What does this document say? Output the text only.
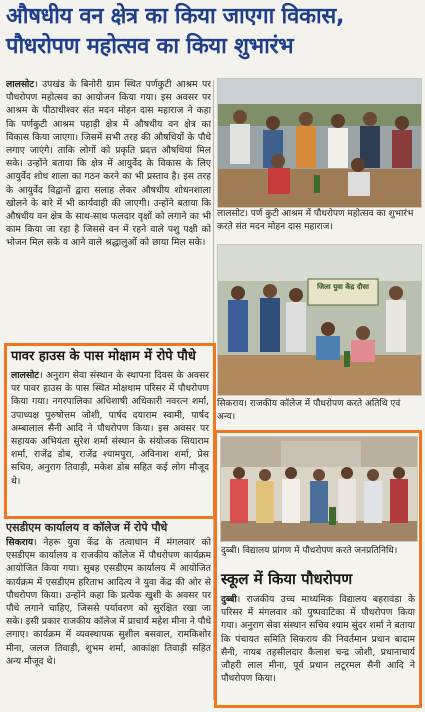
औषधीय वन क्षेत्र का किया जाएगा विकास,
पौधरोपण महोत्सव का किया शुभारंभ
लालसोट। उपखंड के बिनोरी ग्राम स्थित पर्णकुटी आश्रम पर पौधरोपण महोत्सव का आयोजन किया गया। इस अवसर पर आश्रम के पीठाधीश्वर संत मदन मोहन दास महाराज ने कहा कि पर्णकुटी आश्रम पहाड़ी क्षेत्र में औषधीय वन क्षेत्र का विकास किया जाएगा। जिसमें सभी तरह की औषधियों के पौधे लगाए जाएंगे। ताकि लोगों को प्रकृति प्रदत्त औषधियां मिल सके। उन्होंने बताया कि क्षेत्र में आयुर्वेद के विकास के लिए आयुर्वेद शोध शाला का गठन करने का भी प्रस्ताव है। इस तरह के आयुर्वेद विद्वानों द्वारा सलाह लेकर औषधीय शोधनशाला खोलने के बारे में भी कार्यवाही की जाएगी। उन्होंने बताया कि औषधीय वन क्षेत्र के साथ-साथ फलदार वृक्षों को लगाने का भी काम किया जा रहा है जिससे वन में रहने वाले पशु पक्षी को भोजन मिल सके व आने वाले श्रद्धालुओं को छाया मिल सके।
लालसोट। पर्ण कुटी आश्रम में पौधरोपण महोत्सव का शुभारंभ करते संत मदन मोहन दास महाराज।
जिला युवा केंद्र दौसा
सिकराय। राजकीय कॉलेज में पौधरोपण करते अतिथि एवं अन्य।
पावर हाउस के पास मोक्षाम में रोपे पौधे
लालसोट। अनुराग सेवा संस्थान के स्थापना दिवस के अवसर पर पावर हाउस के पास स्थित मोक्षधाम परिसर में पौधरोपण किया गया। नगरपालिका अधिशाषी अधिकारी नवरत्न शर्मा, उपाध्यक्ष पुरुषोत्तम जोशी, पार्षद दयाराम स्वामी, पार्षद अम्बालाल सैनी आदि ने पौधरोपण किया। इस अवसर पर सहायक अभियंता सुरेश शर्मा संस्थान के संयोजक सियाराम शर्मा, राजेंद्र डोब, राजेंद्र श्यामपुरा, अविनाश शर्मा, प्रेस सचिव, अनुराग तिवाड़ी, मकेश डोब सहित कई लोग मौजूद थे।
एसडीएम कार्यालय व कॉलेज में रोपे पौधे
सिकराय। नेहरू युवा केंद्र के तत्वाधान में मंगलवार को एसडीएम कार्यालय व राजकीय कॉलेज में पौधरोपण कार्यक्रम आयोजित किया गया। सुबह एसडीएम कार्यालय में आयोजित कार्यक्रम में एसडीएम हरिताभ आदित्य ने युवा केंद्र की ओर से पौधरोपण किया। उन्होंने कहा कि प्रत्येक खुशी के अवसर पर पौधे लगाने चाहिए, जिससे पर्यावरण को सुरक्षित रखा जा सके। इसी प्रकार राजकीय कॉलेज में प्राचार्य महेश मीना ने पौधे लगाए। कार्यक्रम में व्यवस्थापक सुशील बसवाल, रामकिशोर मीना, जलज तिवाड़ी, शुभम शर्मा, आकांक्षा तिवाड़ी सहित अन्य मौजूद थे।
दुब्बी। विद्यालय प्रांगण में पौधरोपण करते जनप्रतिनिधि।
स्कूल में किया पौधरोपण
दुब्बी। राजकीय उच्च माध्यमिक विद्यालय बहरावंडा के परिसर में मंगलवार को पुष्पवाटिका में पौधरोपण किया गया। अनुराग सेवा संस्थान सचिव श्याम सुंदर शर्मा ने बताया कि पंचायत समिति सिकराय की निवर्तमान प्रधान बादाम सैनी, नायब तहसीलदार कैलाश चन्द्र जोशी, प्रधानाचार्य जौहरी लाल मीना, पूर्व प्रधान लटूरमल सैनी आदि ने पौधरोपण किया।
